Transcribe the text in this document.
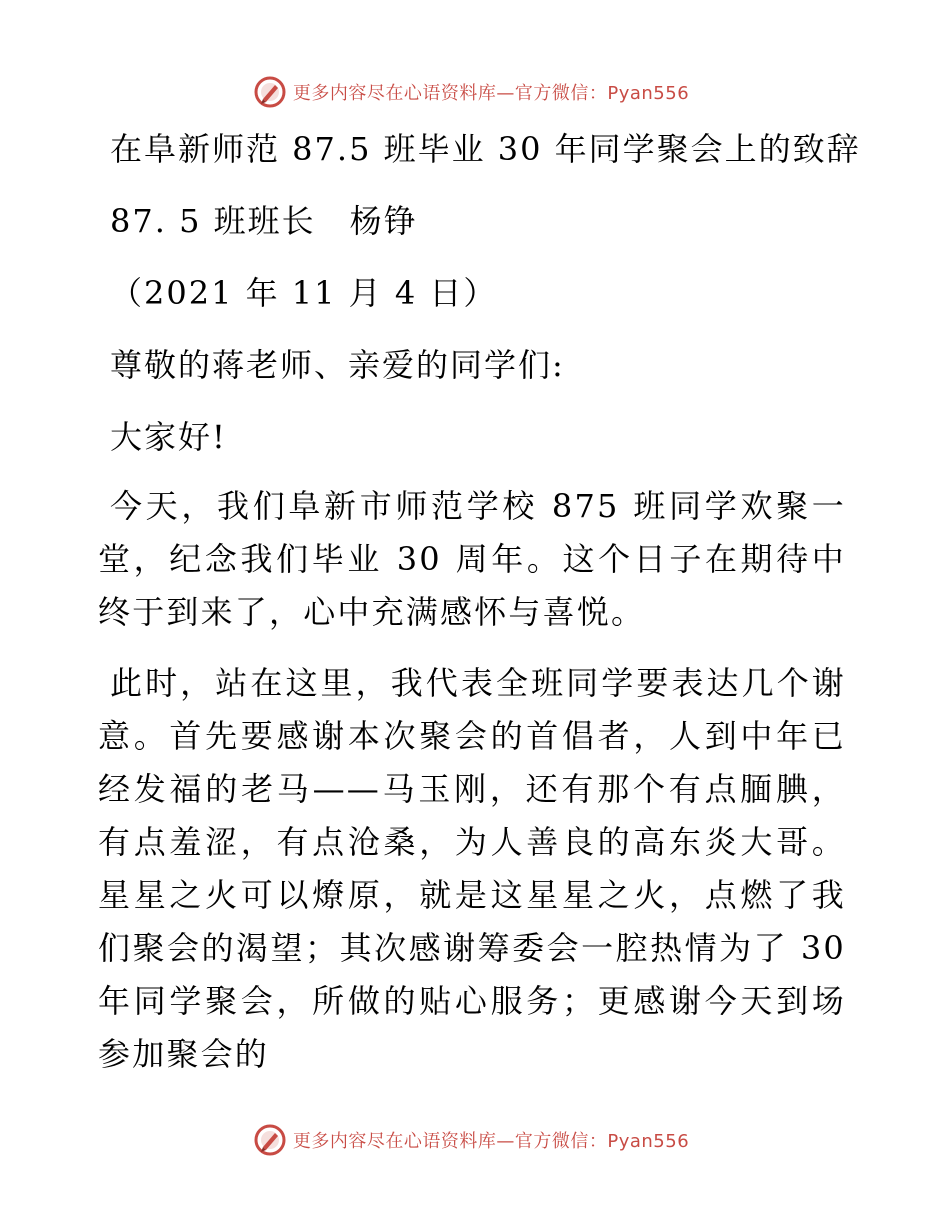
更多内容尽在心语资料库—官方微信：Pyan556
在阜新师范 87.5 班毕业 30 年同学聚会上的致辞
87. 5 班班长　杨铮
（2021 年 11 月 4 日）
尊敬的蒋老师、亲爱的同学们:
大家好!

今天，我们阜新市师范学校 875 班同学欢聚一堂，纪念我们毕业 30 周年。这个日子在期待中终于到来了，心中充满感怀与喜悦。

此时，站在这里，我代表全班同学要表达几个谢意。首先要感谢本次聚会的首倡者，人到中年已经发福的老马——马玉刚，还有那个有点腼腆，有点羞涩，有点沧桑，为人善良的高东炎大哥。星星之火可以燎原，就是这星星之火，点燃了我们聚会的渴望；其次感谢筹委会一腔热情为了 30 年同学聚会，所做的贴心服务；更感谢今天到场参加聚会的

更多内容尽在心语资料库—官方微信：Pyan556
